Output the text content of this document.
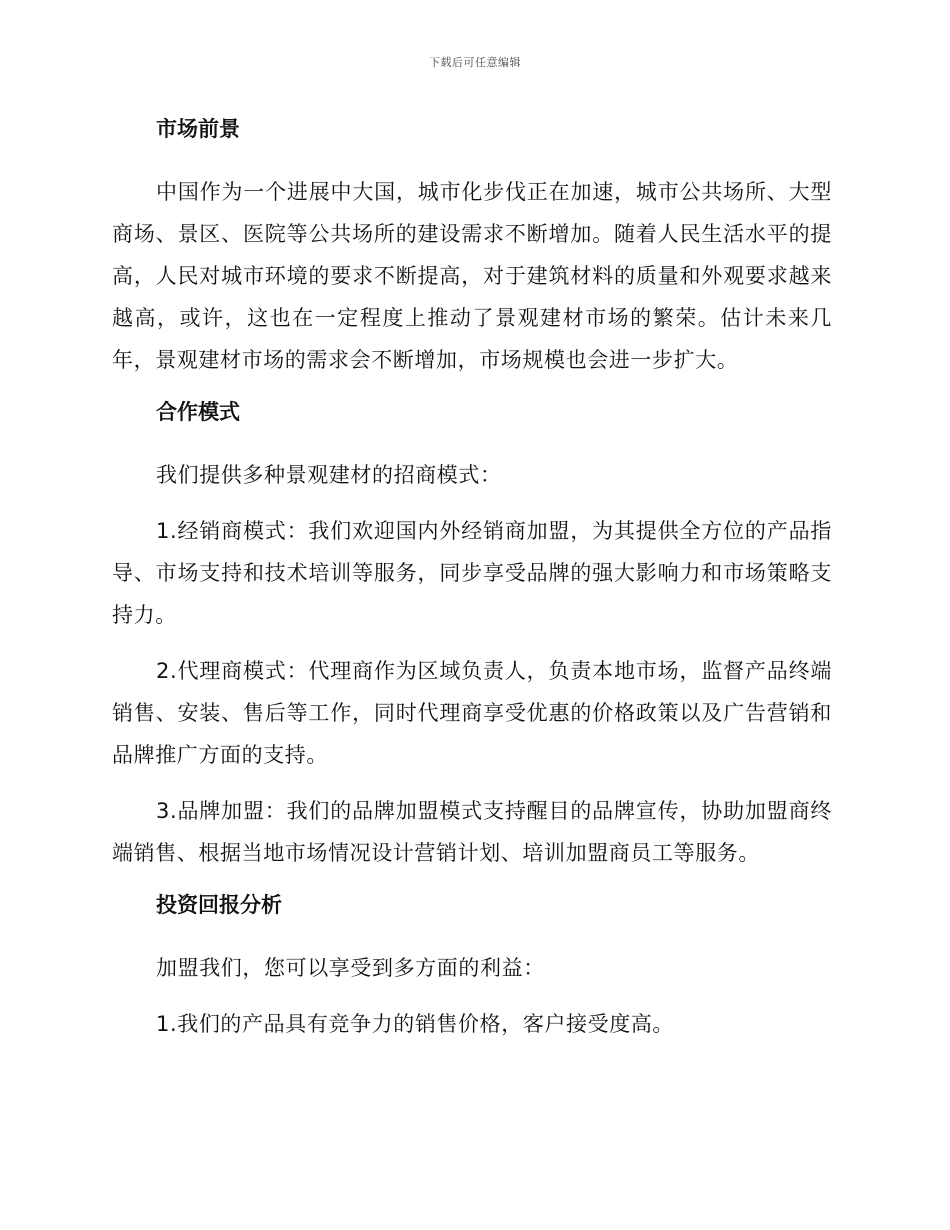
下载后可任意编辑
市场前景

中国作为一个进展中大国，城市化步伐正在加速，城市公共场所、大型商场、景区、医院等公共场所的建设需求不断增加。随着人民生活水平的提高，人民对城市环境的要求不断提高，对于建筑材料的质量和外观要求越来越高，或许，这也在一定程度上推动了景观建材市场的繁荣。估计未来几年，景观建材市场的需求会不断增加，市场规模也会进一步扩大。

合作模式

我们提供多种景观建材的招商模式：

1.经销商模式：我们欢迎国内外经销商加盟，为其提供全方位的产品指导、市场支持和技术培训等服务，同步享受品牌的强大影响力和市场策略支持力。

2.代理商模式：代理商作为区域负责人，负责本地市场，监督产品终端销售、安装、售后等工作，同时代理商享受优惠的价格政策以及广告营销和品牌推广方面的支持。

3.品牌加盟：我们的品牌加盟模式支持醒目的品牌宣传，协助加盟商终端销售、根据当地市场情况设计营销计划、培训加盟商员工等服务。

投资回报分析

加盟我们，您可以享受到多方面的利益：

1.我们的产品具有竞争力的销售价格，客户接受度高。
